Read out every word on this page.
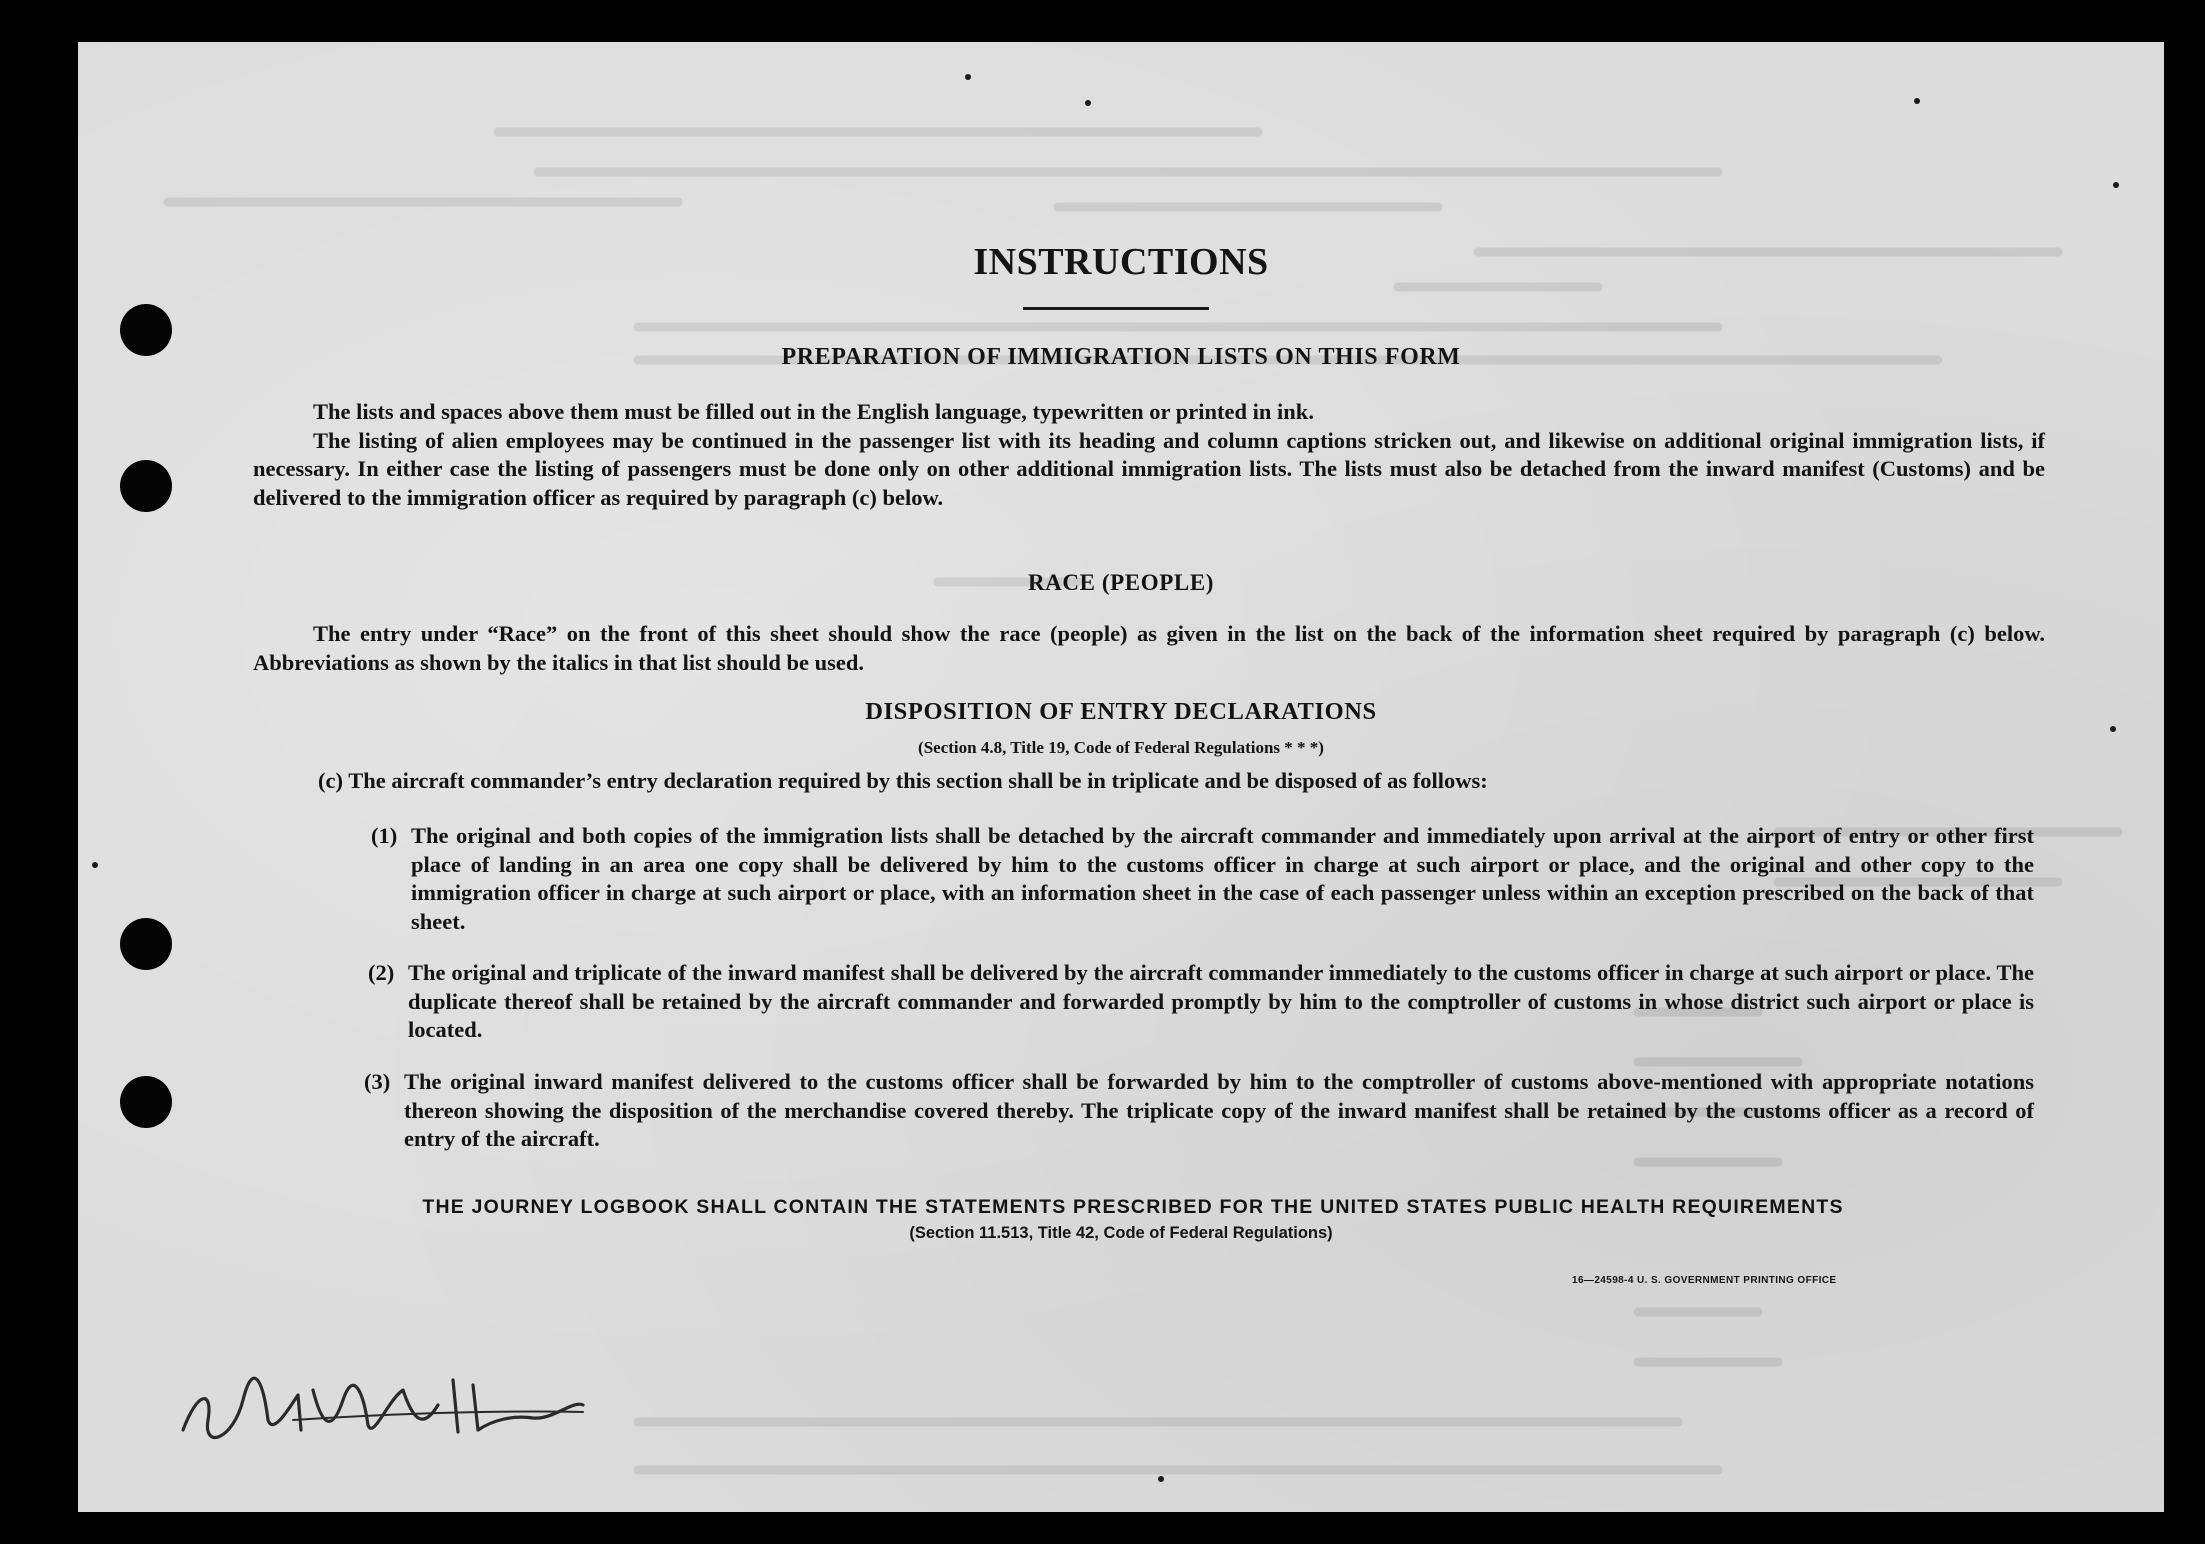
INSTRUCTIONS
PREPARATION OF IMMIGRATION LISTS ON THIS FORM

The lists and spaces above them must be filled out in the English language, typewritten or printed in ink.

The listing of alien employees may be continued in the passenger list with its heading and column captions stricken out, and likewise on additional original immigration lists, if necessary. In either case the listing of passengers must be done only on other additional immigration lists. The lists must also be detached from the inward manifest (Customs) and be delivered to the immigration officer as required by paragraph (c) below.

RACE (PEOPLE)

The entry under “Race” on the front of this sheet should show the race (people) as given in the list on the back of the information sheet required by paragraph (c) below. Abbreviations as shown by the italics in that list should be used.

DISPOSITION OF ENTRY DECLARATIONS
(Section 4.8, Title 19, Code of Federal Regulations * * *)
(c) The aircraft commander’s entry declaration required by this section shall be in triplicate and be disposed of as follows:
(1) The original and both copies of the immigration lists shall be detached by the aircraft commander and immediately upon arrival at the airport of entry or other first place of landing in an area one copy shall be delivered by him to the customs officer in charge at such airport or place, and the original and other copy to the immigration officer in charge at such airport or place, with an information sheet in the case of each passenger unless within an exception prescribed on the back of that sheet.
(2) The original and triplicate of the inward manifest shall be delivered by the aircraft commander immediately to the customs officer in charge at such airport or place. The duplicate thereof shall be retained by the aircraft commander and forwarded promptly by him to the comptroller of customs in whose district such airport or place is located.
(3) The original inward manifest delivered to the customs officer shall be forwarded by him to the comptroller of customs above-mentioned with appropriate notations thereon showing the disposition of the merchandise covered thereby. The triplicate copy of the inward manifest shall be retained by the customs officer as a record of entry of the aircraft.
THE JOURNEY LOGBOOK SHALL CONTAIN THE STATEMENTS PRESCRIBED FOR THE UNITED STATES PUBLIC HEALTH REQUIREMENTS
(Section 11.513, Title 42, Code of Federal Regulations)
16—24598-4 U. S. GOVERNMENT PRINTING OFFICE
